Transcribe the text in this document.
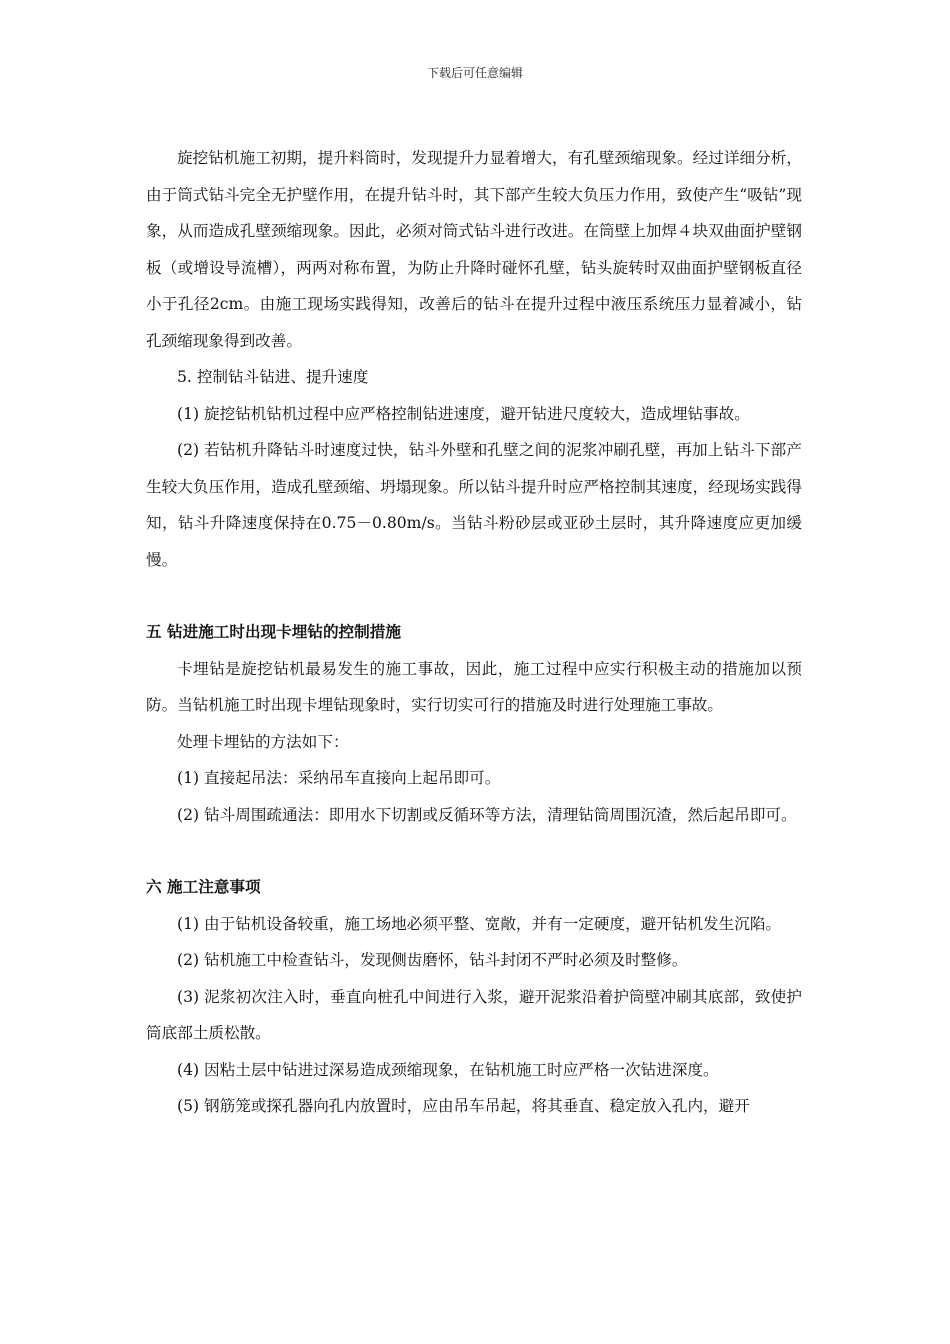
下载后可任意编辑

旋挖钻机施工初期，提升料筒时，发现提升力显着增大，有孔壁颈缩现象。经过详细分析，由于筒式钻斗完全无护壁作用，在提升钻斗时，其下部产生较大负压力作用，致使产生“吸钻”现象，从而造成孔壁颈缩现象。因此，必须对筒式钻斗进行改进。在筒壁上加焊４块双曲面护壁钢板（或增设导流槽），两两对称布置，为防止升降时碰怀孔壁，钻头旋转时双曲面护壁钢板直径小于孔径2cm。由施工现场实践得知，改善后的钻斗在提升过程中液压系统压力显着减小，钻孔颈缩现象得到改善。

5. 控制钻斗钻进、提升速度

(1) 旋挖钻机钻机过程中应严格控制钻进速度，避开钻进尺度较大，造成埋钻事故。

(2) 若钻机升降钻斗时速度过快，钻斗外壁和孔壁之间的泥浆冲刷孔壁，再加上钻斗下部产生较大负压作用，造成孔壁颈缩、坍塌现象。所以钻斗提升时应严格控制其速度，经现场实践得知，钻斗升降速度保持在0.75－0.80m/s。当钻斗粉砂层或亚砂土层时，其升降速度应更加缓慢。

五 钻进施工时出现卡埋钻的控制措施

卡埋钻是旋挖钻机最易发生的施工事故，因此，施工过程中应实行积极主动的措施加以预防。当钻机施工时出现卡埋钻现象时，实行切实可行的措施及时进行处理施工事故。

处理卡埋钻的方法如下：

(1) 直接起吊法：采纳吊车直接向上起吊即可。

(2) 钻斗周围疏通法：即用水下切割或反循环等方法，清理钻筒周围沉渣，然后起吊即可。

六 施工注意事项

(1) 由于钻机设备较重，施工场地必须平整、宽敞，并有一定硬度，避开钻机发生沉陷。

(2) 钻机施工中检查钻斗，发现侧齿磨怀，钻斗封闭不严时必须及时整修。

(3) 泥浆初次注入时，垂直向桩孔中间进行入浆，避开泥浆沿着护筒壁冲刷其底部，致使护筒底部土质松散。

(4) 因粘土层中钻进过深易造成颈缩现象，在钻机施工时应严格一次钻进深度。

(5) 钢筋笼或探孔器向孔内放置时，应由吊车吊起，将其垂直、稳定放入孔内，避开
